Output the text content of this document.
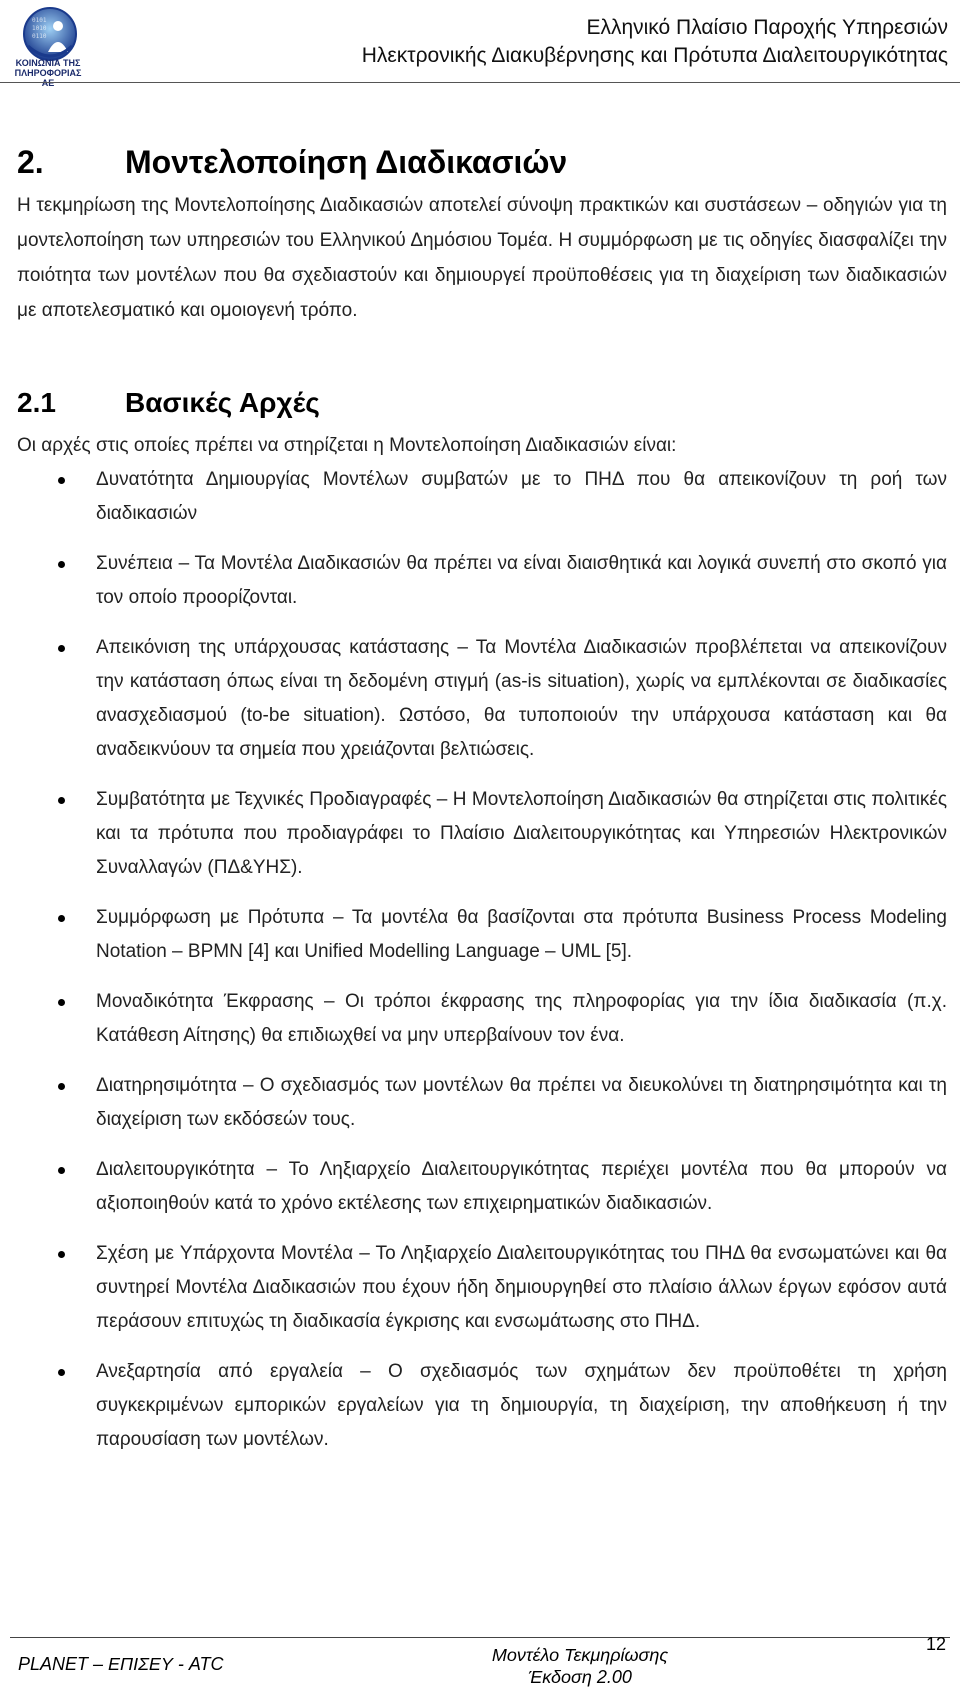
0101
1010
0110
ΚΟΙΝΩΝΙΑ ΤΗΣ ΠΛΗΡΟΦΟΡΙΑΣ ΑΕ
Ελληνικό Πλαίσιο Παροχής Υπηρεσιών
Ηλεκτρονικής Διακυβέρνησης και Πρότυπα Διαλειτουργικότητας
2.	Μοντελοποίηση Διαδικασιών

Η τεκμηρίωση της Μοντελοποίησης Διαδικασιών αποτελεί σύνοψη πρακτικών και συστάσεων – οδηγιών για τη μοντελοποίηση των υπηρεσιών του Ελληνικού Δημόσιου Τομέα. Η συμμόρφωση με τις οδηγίες διασφαλίζει την ποιότητα των μοντέλων που θα σχεδιαστούν και δημιουργεί προϋποθέσεις για τη διαχείριση των διαδικασιών με αποτελεσματικό και ομοιογενή τρόπο.

2.1	Βασικές Αρχές

Οι αρχές στις οποίες πρέπει να στηρίζεται η Μοντελοποίηση Διαδικασιών είναι:

Δυνατότητα Δημιουργίας Μοντέλων συμβατών με το ΠΗΔ που θα απεικονίζουν τη ροή των διαδικασιών
Συνέπεια – Τα Μοντέλα Διαδικασιών θα πρέπει να είναι διαισθητικά και λογικά συνεπή στο σκοπό για τον οποίο προορίζονται.
Απεικόνιση της υπάρχουσας κατάστασης – Τα Μοντέλα Διαδικασιών προβλέπεται να απεικονίζουν την κατάσταση όπως είναι τη δεδομένη στιγμή (as-is situation), χωρίς να εμπλέκονται σε διαδικασίες ανασχεδιασμού (to-be situation). Ωστόσο, θα τυποποιούν την υπάρχουσα κατάσταση και θα αναδεικνύουν τα σημεία που χρειάζονται βελτιώσεις.
Συμβατότητα με Τεχνικές Προδιαγραφές – Η Μοντελοποίηση Διαδικασιών θα στηρίζεται στις πολιτικές και τα πρότυπα που προδιαγράφει το Πλαίσιο Διαλειτουργικότητας και Υπηρεσιών Ηλεκτρονικών Συναλλαγών (ΠΔ&ΥΗΣ).
Συμμόρφωση με Πρότυπα – Τα μοντέλα θα βασίζονται στα πρότυπα Business Process Modeling Notation – BPMN [4] και Unified Modelling Language – UML [5].
Μοναδικότητα Έκφρασης – Οι τρόποι έκφρασης της πληροφορίας για την ίδια διαδικασία (π.χ. Κατάθεση Αίτησης) θα επιδιωχθεί να μην υπερβαίνουν τον ένα.
Διατηρησιμότητα – Ο σχεδιασμός των μοντέλων θα πρέπει να διευκολύνει τη διατηρησιμότητα και τη διαχείριση των εκδόσεών τους.
Διαλειτουργικότητα – Το Ληξιαρχείο Διαλειτουργικότητας περιέχει μοντέλα που θα μπορούν να αξιοποιηθούν κατά το χρόνο εκτέλεσης των επιχειρηματικών διαδικασιών.
Σχέση με Υπάρχοντα Μοντέλα – Το Ληξιαρχείο Διαλειτουργικότητας του ΠΗΔ θα ενσωματώνει και θα συντηρεί Μοντέλα Διαδικασιών που έχουν ήδη δημιουργηθεί στο πλαίσιο άλλων έργων εφόσον αυτά περάσουν επιτυχώς τη διαδικασία έγκρισης και ενσωμάτωσης στο ΠΗΔ.
Ανεξαρτησία από εργαλεία – Ο σχεδιασμός των σχημάτων δεν προϋποθέτει τη χρήση συγκεκριμένων εμπορικών εργαλείων για τη δημιουργία, τη διαχείριση, την αποθήκευση ή την παρουσίαση των μοντέλων.
PLANET – ΕΠΙΣΕΥ - ATC	Μοντέλο Τεκμηρίωσης
Έκδοση 2.00
12
